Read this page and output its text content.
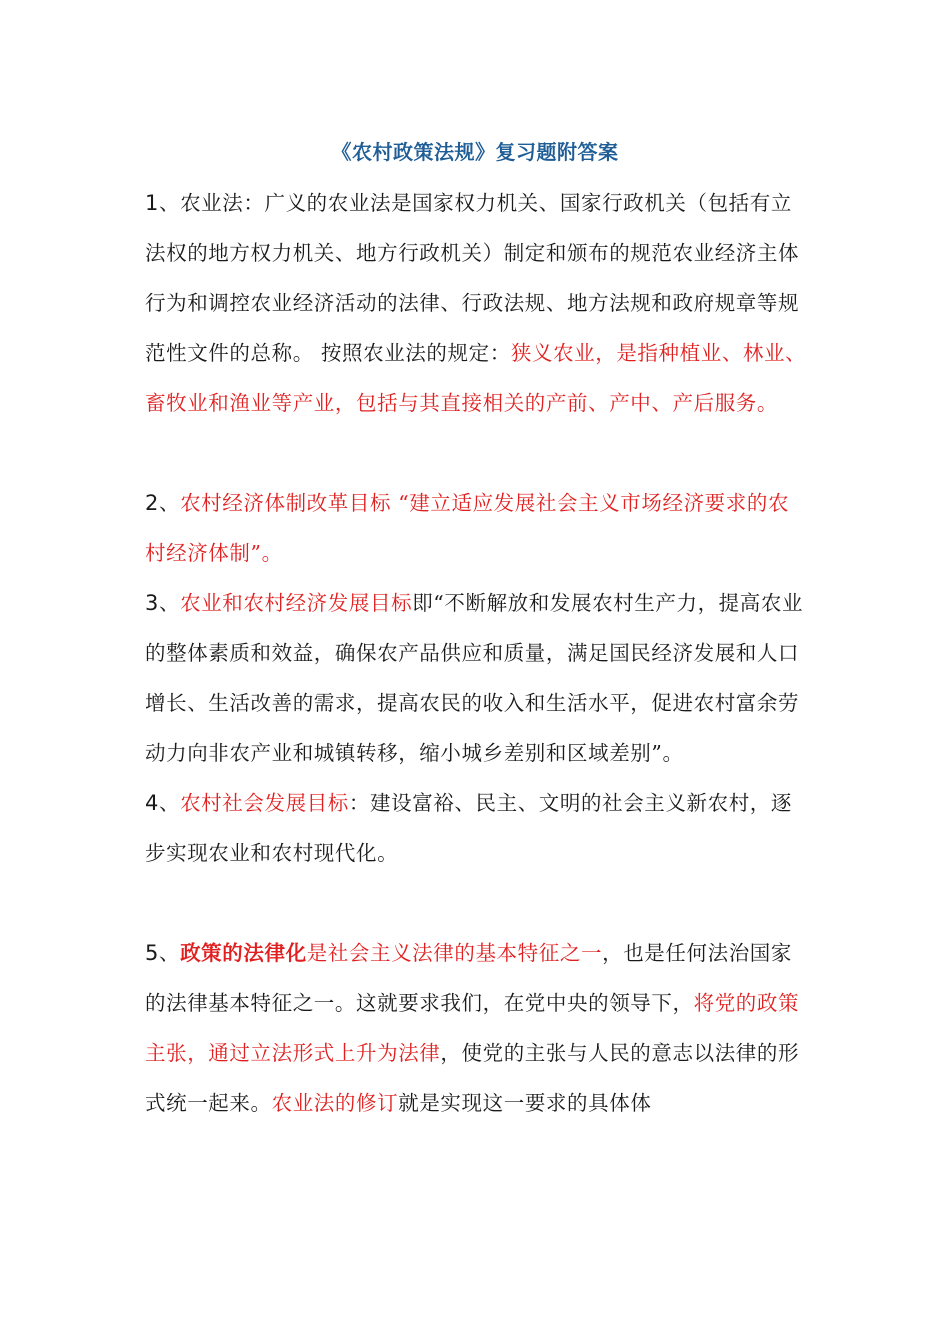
《农村政策法规》复习题附答案

1、农业法：广义的农业法是国家权力机关、国家行政机关（包括有立法权的地方权力机关、地方行政机关）制定和颁布的规范农业经济主体行为和调控农业经济活动的法律、行政法规、地方法规和政府规章等规范性文件的总称。 按照农业法的规定：狭义农业，是指种植业、林业、畜牧业和渔业等产业，包括与其直接相关的产前、产中、产后服务。

2、农村经济体制改革目标 “建立适应发展社会主义市场经济要求的农村经济体制”。

3、农业和农村经济发展目标即“不断解放和发展农村生产力，提高农业的整体素质和效益，确保农产品供应和质量，满足国民经济发展和人口增长、生活改善的需求，提高农民的收入和生活水平，促进农村富余劳动力向非农产业和城镇转移，缩小城乡差别和区域差别”。

4、农村社会发展目标：建设富裕、民主、文明的社会主义新农村，逐步实现农业和农村现代化。

5、政策的法律化是社会主义法律的基本特征之一，也是任何法治国家的法律基本特征之一。这就要求我们，在党中央的领导下，将党的政策主张，通过立法形式上升为法律，使党的主张与人民的意志以法律的形式统一起来。农业法的修订就是实现这一要求的具体体
